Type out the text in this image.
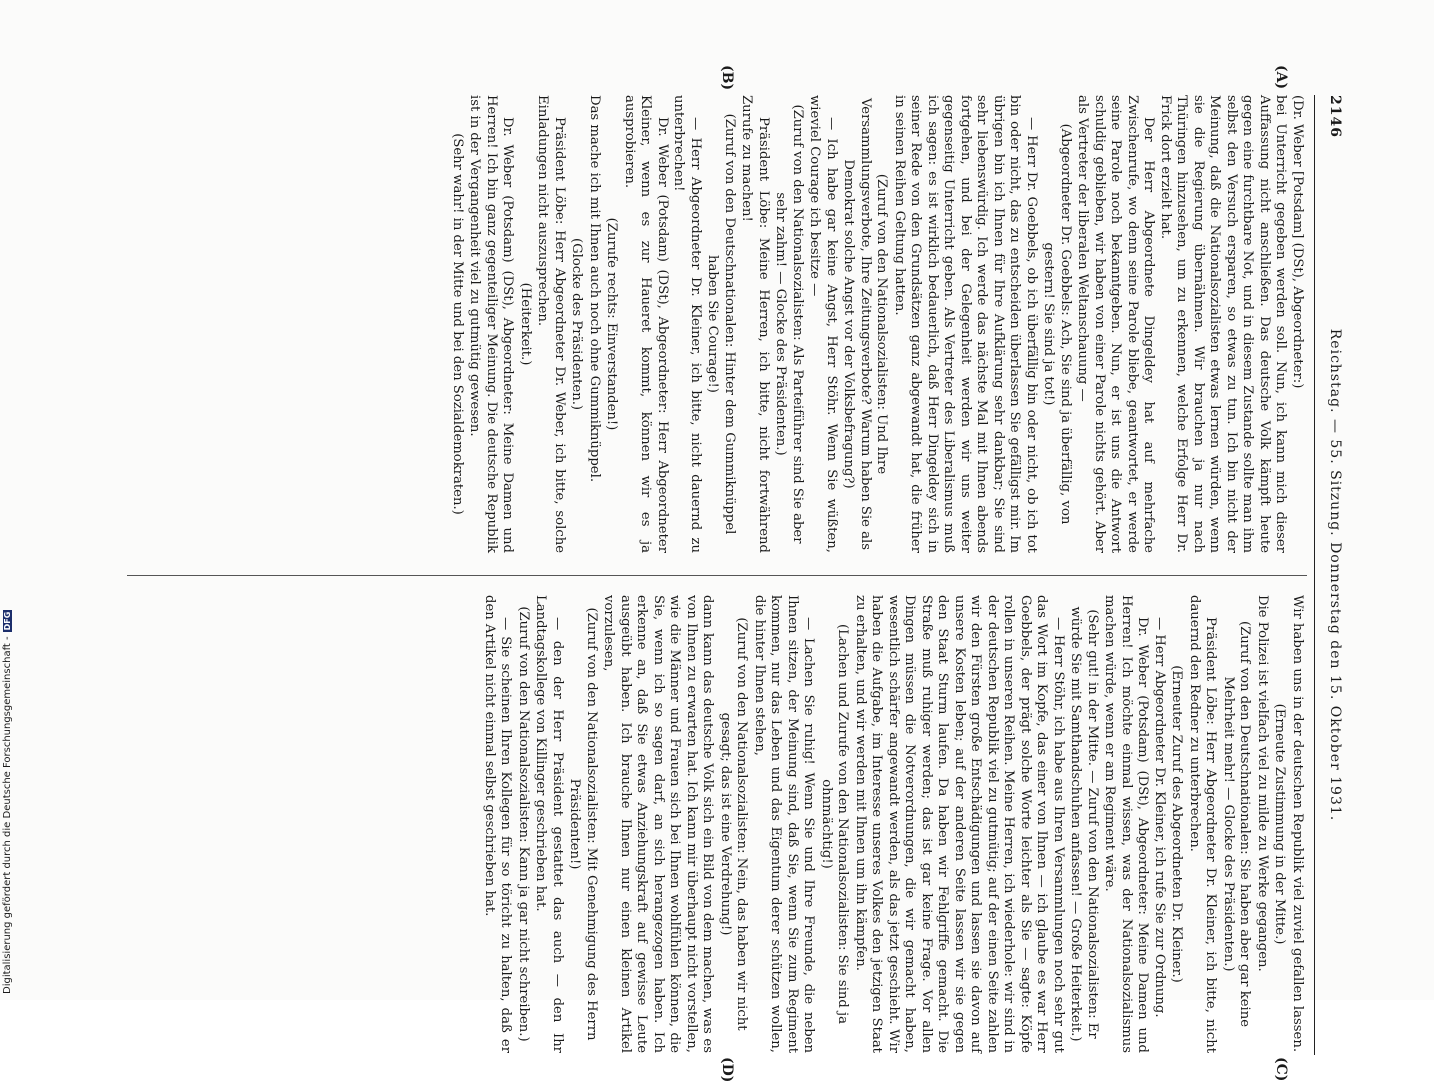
2146
Reichstag. — 55. Sitzung. Donnerstag den 15. Oktober 1931.
(A)
(B)
(C)
(D)

(Dr. Weber [Potsdam] (DSt), Abgeordneter:)

bei Unterricht gegeben werden soll. Nun, ich kann mich dieser Auffassung nicht anschließen. Das deutsche Volk kämpft heute gegen eine furchtbare Not, und in diesem Zustande sollte man ihm selbst den Versuch ersparen, so etwas zu tun. Ich bin nicht der Meinung, daß die Nationalsozialisten etwas lernen würden, wenn sie die Regierung übernähmen. Wir brauchen ja nur nach Thüringen hinzusehen, um zu erkennen, welche Erfolge Herr Dr. Frick dort erzielt hat.

Der Herr Abgeordnete Dingeldey hat auf mehrfache Zwischenrufe, wo denn seine Parole bliebe, geantwortet, er werde seine Parole noch bekanntgeben. Nun, er ist uns die Antwort schuldig geblieben, wir haben von einer Parole nichts gehört. Aber als Vertreter der liberalen Weltanschauung —

(Abgeordneter Dr. Goebbels: Ach, Sie sind ja überfällig, von gestern! Sie sind ja tot!)

— Herr Dr. Goebbels, ob ich überfällig bin oder nicht, ob ich tot bin oder nicht, das zu entscheiden überlassen Sie gefälligst mir. Im übrigen bin ich Ihnen für Ihre Aufklärung sehr dankbar; Sie sind sehr liebenswürdig. Ich werde das nächste Mal mit Ihnen abends fortgehen, und bei der Gelegenheit werden wir uns weiter gegenseitig Unterricht geben. Als Vertreter des Liberalismus muß ich sagen: es ist wirklich bedauerlich, daß Herr Dingeldey sich in seiner Rede von den Grundsätzen ganz abgewandt hat, die früher in seinen Reihen Geltung hatten.

(Zuruf von den Nationalsozialisten: Und Ihre Versammlungsverbote, Ihre Zeitungsverbote? Warum haben Sie als Demokrat solche Angst vor der Volksbefragung?)

— Ich habe gar keine Angst, Herr Stöhr. Wenn Sie wüßten, wieviel Courage ich besitze —

(Zuruf von den Nationalsozialisten: Als Parteiführer sind Sie aber sehr zahm! — Glocke des Präsidenten.)

Präsident Löbe: Meine Herren, ich bitte, nicht fortwährend Zurufe zu machen!

(Zuruf von den Deutschnationalen: Hinter dem Gummiknüppel haben Sie Courage!)

— Herr Abgeordneter Dr. Kleiner, ich bitte, nicht dauernd zu unterbrechen!

Dr. Weber (Potsdam) (DSt), Abgeordneter: Herr Abgeordneter Kleiner, wenn es zur Haueret kommt, können wir es ja ausprobieren.

(Zurufe rechts: Einverstanden!)

Das mache ich mit Ihnen auch noch ohne Gummiknüppel.

(Glocke des Präsidenten.)

Präsident Löbe: Herr Abgeordneter Dr. Weber, ich bitte, solche Einladungen nicht auszusprechen.

(Heiterkeit.)

Dr. Weber (Potsdam) (DSt), Abgeordneter: Meine Damen und Herren! Ich bin ganz gegenteiliger Meinung. Die deutsche Republik ist in der Vergangenheit viel zu gutmütig gewesen.

(Sehr wahr! in der Mitte und bei den Sozialdemokraten.)

Wir haben uns in der deutschen Republik viel zuviel gefallen lassen.

(Erneute Zustimmung in der Mitte.)

Die Polizei ist vielfach viel zu milde zu Werke gegangen.

(Zuruf von den Deutschnationalen: Sie haben aber gar keine Mehrheit mehr! — Glocke des Präsidenten.)

Präsident Löbe: Herr Abgeordneter Dr. Kleiner, ich bitte, nicht dauernd den Redner zu unterbrechen.

(Erneuter Zuruf des Abgeordneten Dr. Kleiner.)

— Herr Abgeordneter Dr. Kleiner, ich rufe Sie zur Ordnung.

Dr. Weber (Potsdam) (DSt), Abgeordneter: Meine Damen und Herren! Ich möchte einmal wissen, was der Nationalsozialismus machen würde, wenn er am Regiment wäre.

(Sehr gut! in der Mitte. — Zuruf von den Nationalsozialisten: Er würde Sie mit Samthandschuhen anfassen! — Große Heiterkeit.)

— Herr Stöhr, ich habe aus Ihren Versammlungen noch sehr gut das Wort im Kopfe, das einer von Ihnen — ich glaube es war Herr Goebbels, der prägt solche Worte leichter als Sie — sagte: Köpfe rollen in unseren Reihen. Meine Herren, ich wiederhole: wir sind in der deutschen Republik viel zu gutmütig; auf der einen Seite zahlen wir den Fürsten große Entschädigungen und lassen sie davon auf unsere Kosten leben; auf der anderen Seite lassen wir sie gegen den Staat Sturm laufen. Da haben wir Fehlgriffe gemacht. Die Straße muß ruhiger werden; das ist gar keine Frage. Vor allen Dingen müssen die Notverordnungen, die wir gemacht haben, wesentlich schärfer angewandt werden, als das jetzt geschieht. Wir haben die Aufgabe, im Interesse unseres Volkes den jetzigen Staat zu erhalten, und wir werden mit Ihnen um ihn kämpfen.

(Lachen und Zurufe von den Nationalsozialisten: Sie sind ja ohnmächtig!)

— Lachen Sie ruhig! Wenn Sie und Ihre Freunde, die neben Ihnen sitzen, der Meinung sind, daß Sie, wenn Sie zum Regiment kommen, nur das Leben und das Eigentum derer schützen wollen, die hinter Ihnen stehen,

(Zuruf von den Nationalsozialisten: Nein, das haben wir nicht gesagt; das ist eine Verdrehung!)

dann kann das deutsche Volk sich ein Bild von dem machen, was es von Ihnen zu erwarten hat. Ich kann mir überhaupt nicht vorstellen, wie die Männer und Frauen sich bei Ihnen wohlfühlen können, die Sie, wenn ich so sagen darf, an sich herangezogen haben. Ich erkenne an, daß Sie etwas Anziehungskraft auf gewisse Leute ausgeübt haben. Ich brauche Ihnen nur einen kleinen Artikel vorzulesen,

(Zuruf von den Nationalsozialisten: Mit Genehmigung des Herrn Präsidenten!)

— den der Herr Präsident gestattet das auch — den Ihr Landtagskollege von Killinger geschrieben hat.

(Zuruf von den Nationalsozialisten: Kann ja gar nicht schreiben.)

— Sie scheinen Ihren Kollegen für so töricht zu halten, daß er den Artikel nicht einmal selbst geschrieben hat.

Digitalisierung gefördert durch die Deutsche Forschungsgemeinschaft -DFG
